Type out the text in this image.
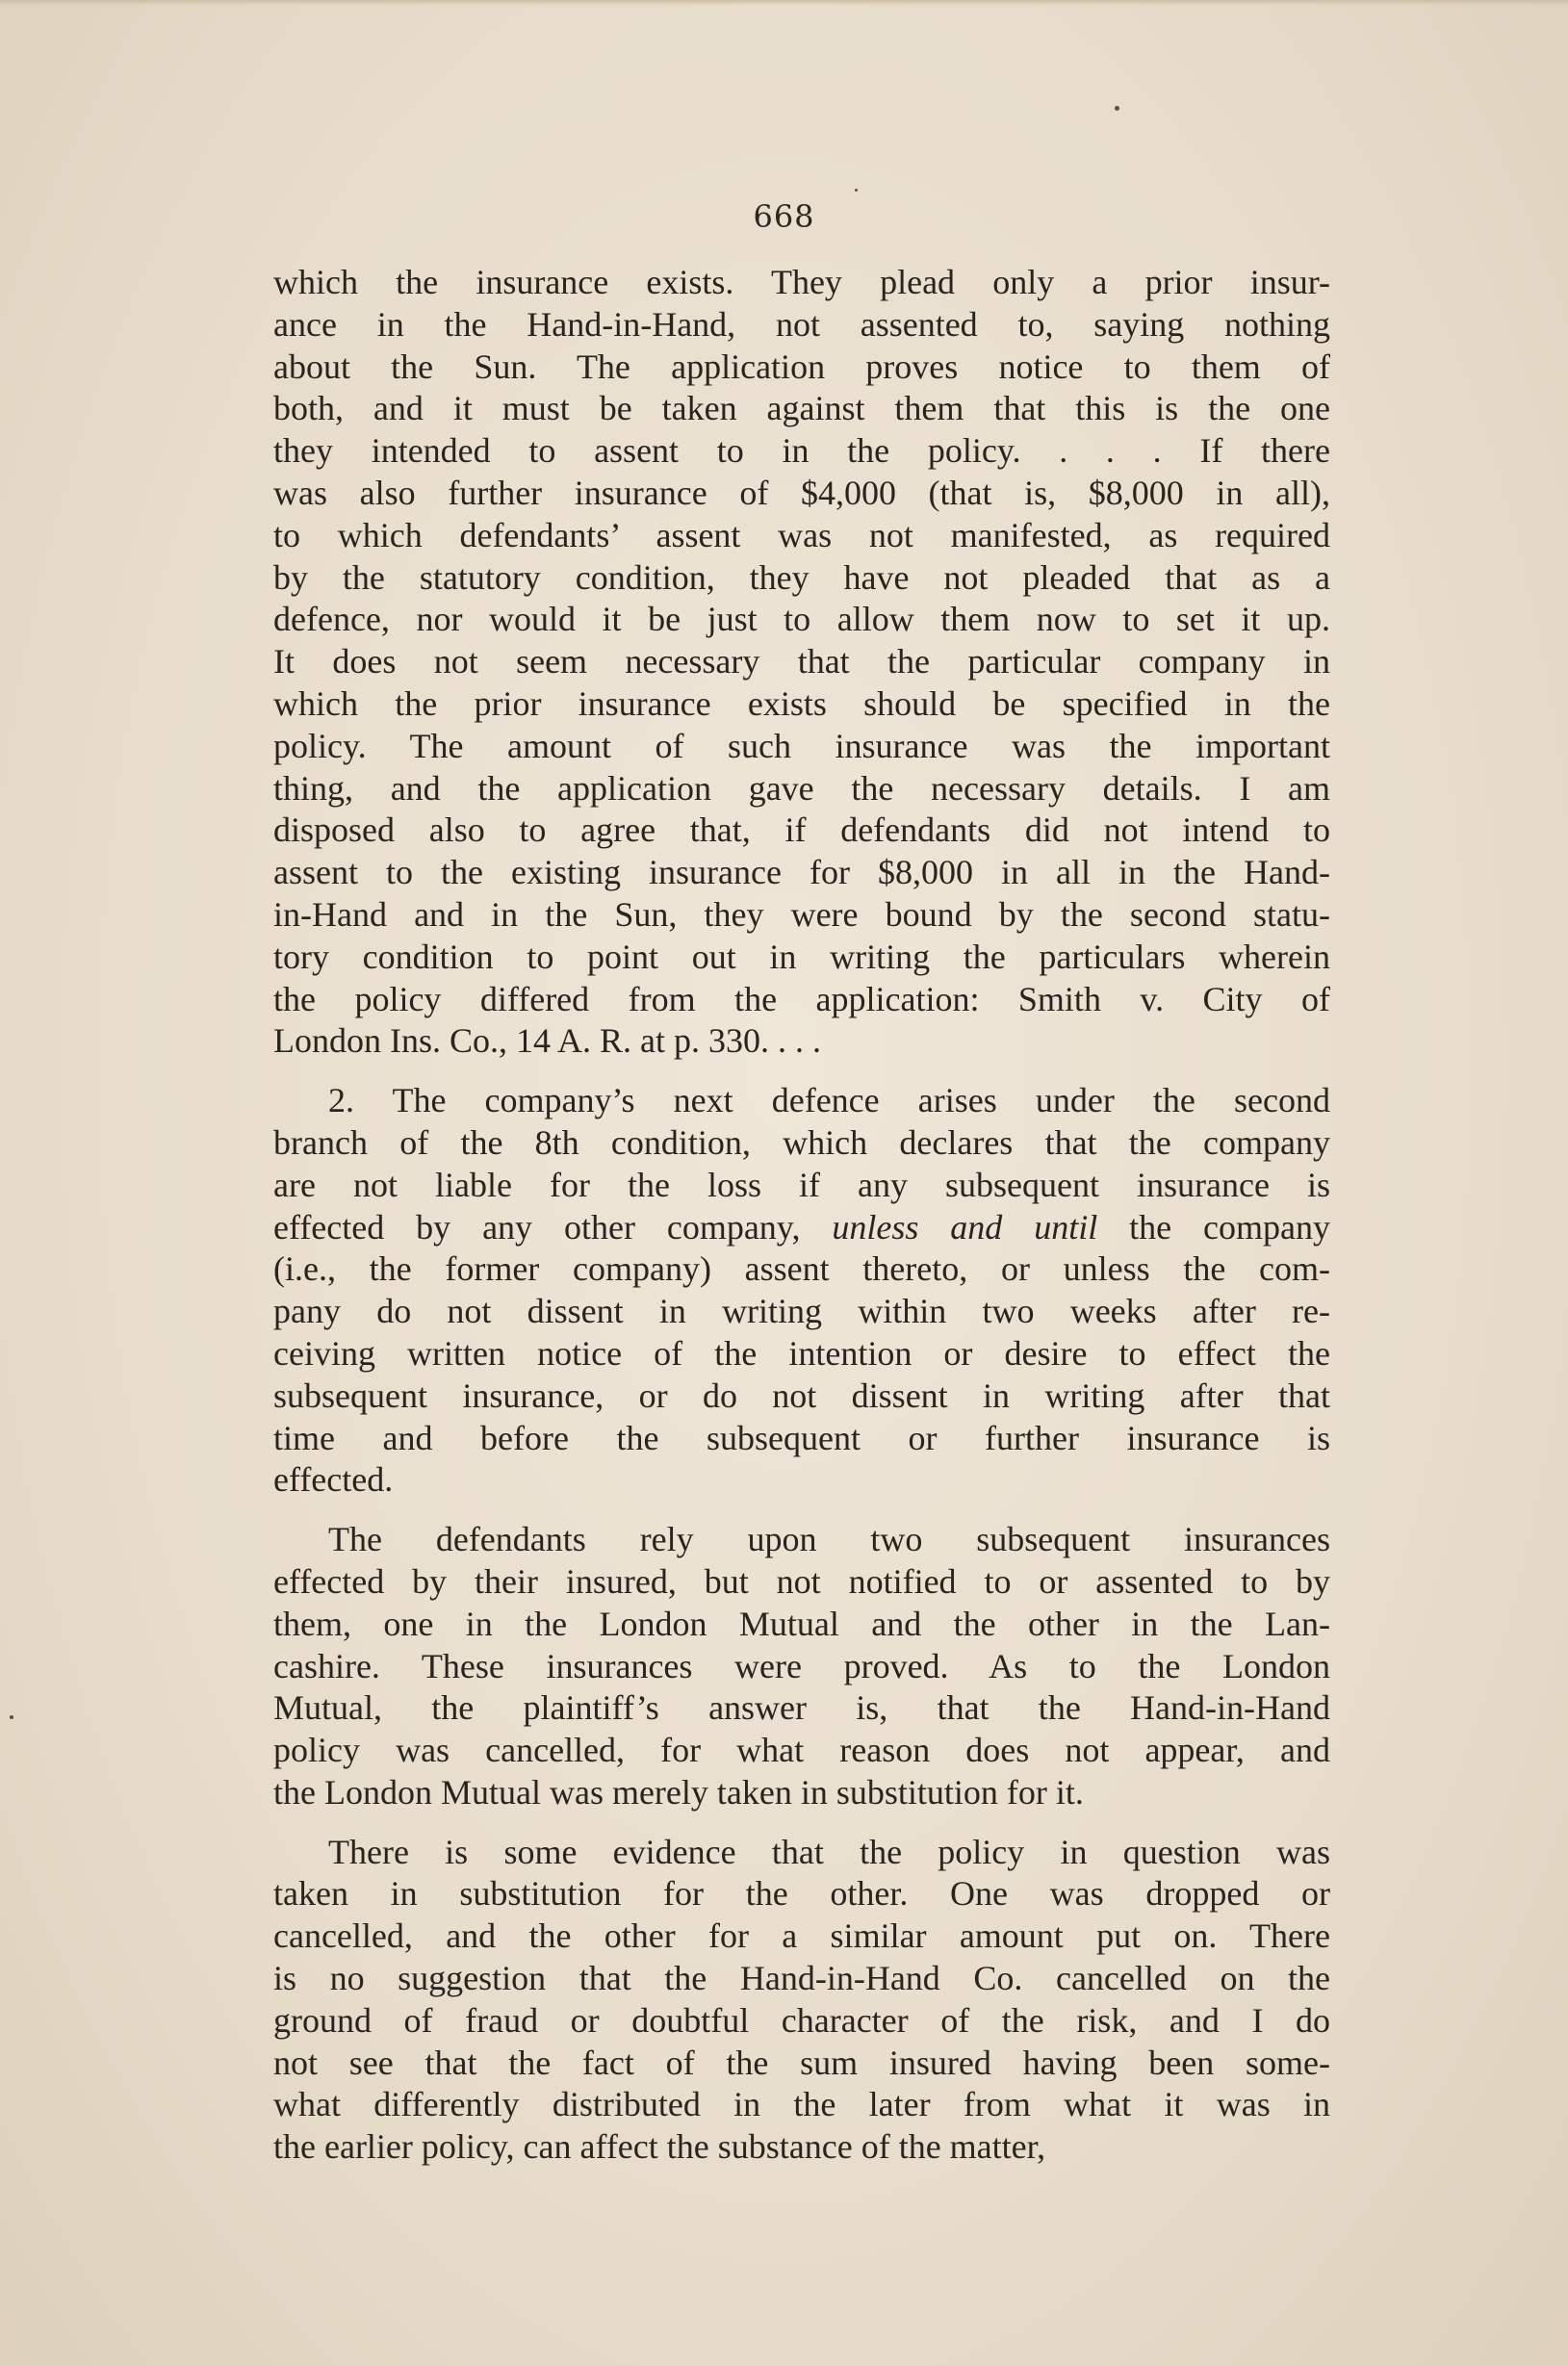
668
which the insurance exists. They plead only a prior insur-
ance in the Hand-in-Hand, not assented to, saying nothing
about the Sun. The application proves notice to them of
both, and it must be taken against them that this is the one
they intended to assent to in the policy. . . . If there
was also further insurance of $4,000 (that is, $8,000 in all),
to which defendants’ assent was not manifested, as required
by the statutory condition, they have not pleaded that as a
defence, nor would it be just to allow them now to set it up.
It does not seem necessary that the particular company in
which the prior insurance exists should be specified in the
policy. The amount of such insurance was the important
thing, and the application gave the necessary details. I am
disposed also to agree that, if defendants did not intend to
assent to the existing insurance for $8,000 in all in the Hand-
in-Hand and in the Sun, they were bound by the second statu-
tory condition to point out in writing the particulars wherein
the policy differed from the application: Smith v. City of
London Ins. Co., 14 A. R. at p. 330. . . .
2. The company’s next defence arises under the second
branch of the 8th condition, which declares that the company
are not liable for the loss if any subsequent insurance is
effected by any other company, unless and until the company
(i.e., the former company) assent thereto, or unless the com-
pany do not dissent in writing within two weeks after re-
ceiving written notice of the intention or desire to effect the
subsequent insurance, or do not dissent in writing after that
time and before the subsequent or further insurance is
effected.
The defendants rely upon two subsequent insurances
effected by their insured, but not notified to or assented to by
them, one in the London Mutual and the other in the Lan-
cashire. These insurances were proved. As to the London
Mutual, the plaintiff’s answer is, that the Hand-in-Hand
policy was cancelled, for what reason does not appear, and
the London Mutual was merely taken in substitution for it.
There is some evidence that the policy in question was
taken in substitution for the other. One was dropped or
cancelled, and the other for a similar amount put on. There
is no suggestion that the Hand-in-Hand Co. cancelled on the
ground of fraud or doubtful character of the risk, and I do
not see that the fact of the sum insured having been some-
what differently distributed in the later from what it was in
the earlier policy, can affect the substance of the matter,
